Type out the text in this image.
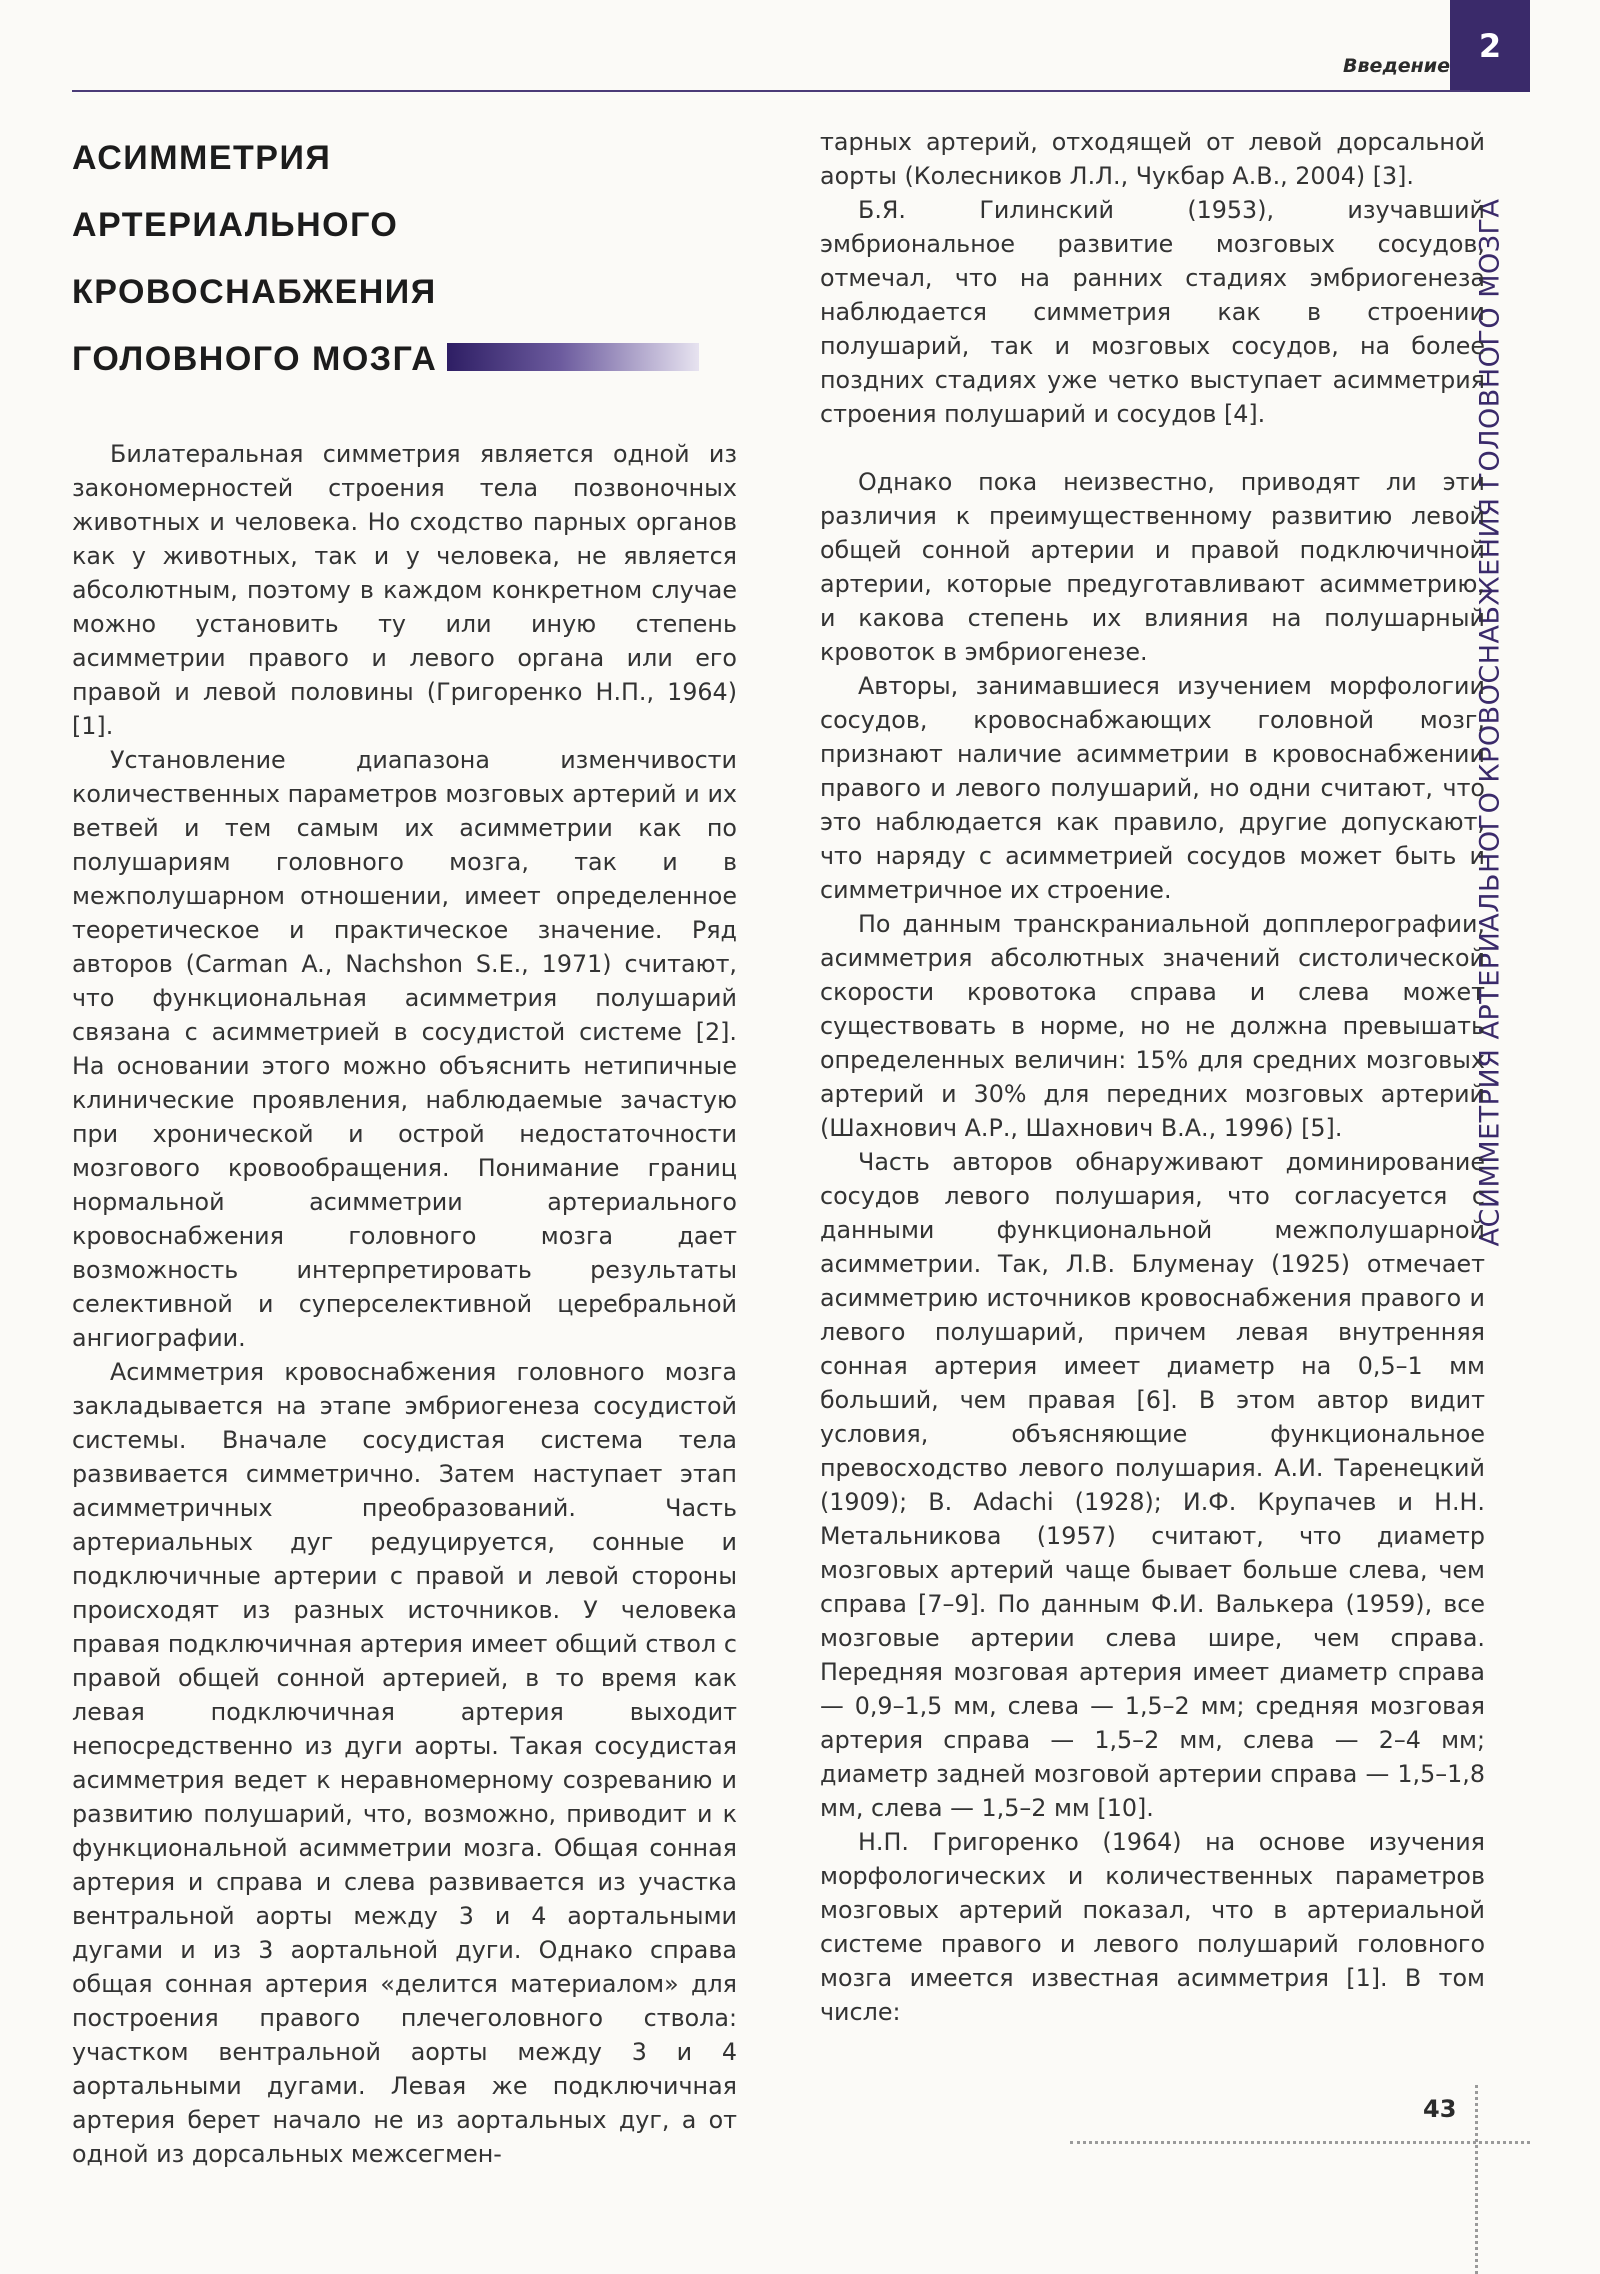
Введение
2
АСИММЕТРИЯ АРТЕРИАЛЬНОГО КРОВОСНАБЖЕНИЯ ГОЛОВНОГО МОЗГА
АСИММЕТРИЯ
АРТЕРИАЛЬНОГО
КРОВОСНАБЖЕНИЯ
ГОЛОВНОГО МОЗГА

Билатеральная симметрия является одной из закономерностей строения тела позвоночных животных и человека. Но сходство парных органов как у животных, так и у человека, не является абсолютным, поэтому в каждом конкретном случае можно установить ту или иную степень асимметрии правого и левого органа или его правой и левой половины (Григоренко Н.П., 1964) [1].

Установление диапазона изменчивости количественных параметров мозговых артерий и их ветвей и тем самым их асимметрии как по полушариям головного мозга, так и в межполушарном отношении, имеет определенное теоретическое и практическое значение. Ряд авторов (Carman A., Nachshon S.E., 1971) считают, что функциональная асимметрия полушарий связана с асимметрией в сосудистой системе [2]. На основании этого можно объяснить нетипичные клинические проявления, наблюдаемые зачастую при хронической и острой недостаточности мозгового кровообращения. Понимание границ нормальной асимметрии артериального кровоснабжения головного мозга дает возможность интерпретировать результаты селективной и суперселективной церебральной ангиографии.

Асимметрия кровоснабжения головного мозга закладывается на этапе эмбриогенеза сосудистой системы. Вначале сосудистая система тела развивается симметрично. Затем наступает этап асимметричных преобразований. Часть артериальных дуг редуцируется, сонные и подключичные артерии с правой и левой стороны происходят из разных источников. У человека правая подключичная артерия имеет общий ствол с правой общей сонной артерией, в то время как левая подключичная артерия выходит непосредственно из дуги аорты. Такая сосудистая асимметрия ведет к неравномерному созреванию и развитию полушарий, что, возможно, приводит и к функциональной асимметрии мозга. Общая сонная артерия и справа и слева развивается из участка вентральной аорты между 3 и 4 аортальными дугами и из 3 аортальной дуги. Однако справа общая сонная артерия «делится материалом» для построения правого плечеголовного ствола: участком вентральной аорты между 3 и 4 аортальными дугами. Левая же подключичная артерия берет начало не из аортальных дуг, а от одной из дорсальных межсегмен-

тарных артерий, отходящей от левой дорсальной аорты (Колесников Л.Л., Чукбар А.В., 2004) [3].

Б.Я. Гилинский (1953), изучавший эмбриональное развитие мозговых сосудов, отмечал, что на ранних стадиях эмбриогенеза наблюдается симметрия как в строении полушарий, так и мозговых сосудов, на более поздних стадиях уже четко выступает асимметрия строения полушарий и сосудов [4].

Однако пока неизвестно, приводят ли эти различия к преимущественному развитию левой общей сонной артерии и правой подключичной артерии, которые предуготавливают асимметрию, и какова степень их влияния на полушарный кровоток в эмбриогенезе.

Авторы, занимавшиеся изучением морфологии сосудов, кровоснабжающих головной мозг, признают наличие асимметрии в кровоснабжении правого и левого полушарий, но одни считают, что это наблюдается как правило, другие допускают, что наряду с асимметрией сосудов может быть и симметричное их строение.

По данным транскраниальной допплерографии, асимметрия абсолютных значений систолической скорости кровотока справа и слева может существовать в норме, но не должна превышать определенных величин: 15% для средних мозговых артерий и 30% для передних мозговых артерий (Шахнович А.Р., Шахнович В.А., 1996) [5].

Часть авторов обнаруживают доминирование сосудов левого полушария, что согласуется с данными функциональной межполушарной асимметрии. Так, Л.В. Блуменау (1925) отмечает асимметрию источников кровоснабжения правого и левого полушарий, причем левая внутренняя сонная артерия имеет диаметр на 0,5–1 мм больший, чем правая [6]. В этом автор видит условия, объясняющие функциональное превосходство левого полушария. А.И. Таренецкий (1909); B. Adachi (1928); И.Ф. Крупачев и Н.Н. Метальникова (1957) считают, что диаметр мозговых артерий чаще бывает больше слева, чем справа [7–9]. По данным Ф.И. Валькера (1959), все мозговые артерии слева шире, чем справа. Передняя мозговая артерия имеет диаметр справа — 0,9–1,5 мм, слева — 1,5–2 мм; средняя мозговая артерия справа — 1,5–2 мм, слева — 2–4 мм; диаметр задней мозговой артерии справа — 1,5–1,8 мм, слева — 1,5–2 мм [10].

Н.П. Григоренко (1964) на основе изучения морфологических и количественных параметров мозговых артерий показал, что в артериальной системе правого и левого полушарий головного мозга имеется известная асимметрия [1]. В том числе:

43
